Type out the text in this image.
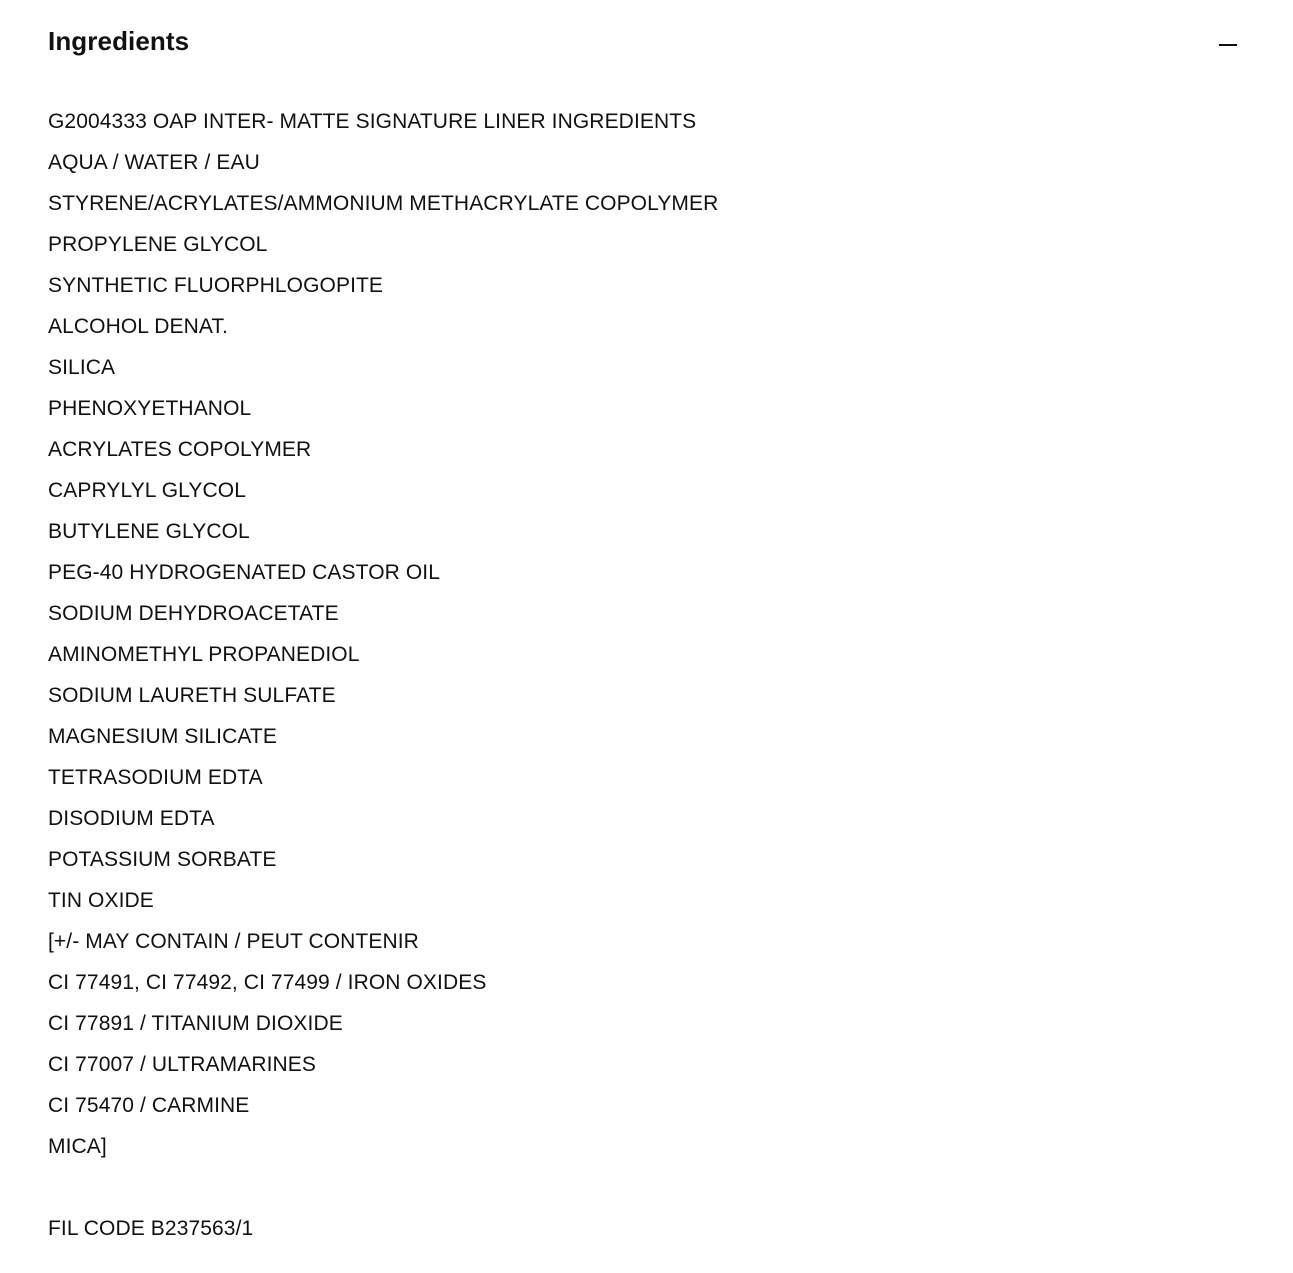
Ingredients
G2004333 OAP INTER- MATTE SIGNATURE LINER INGREDIENTS
AQUA / WATER / EAU
STYRENE/ACRYLATES/AMMONIUM METHACRYLATE COPOLYMER
PROPYLENE GLYCOL
SYNTHETIC FLUORPHLOGOPITE
ALCOHOL DENAT.
SILICA
PHENOXYETHANOL
ACRYLATES COPOLYMER
CAPRYLYL GLYCOL
BUTYLENE GLYCOL
PEG-40 HYDROGENATED CASTOR OIL
SODIUM DEHYDROACETATE
AMINOMETHYL PROPANEDIOL
SODIUM LAURETH SULFATE
MAGNESIUM SILICATE
TETRASODIUM EDTA
DISODIUM EDTA
POTASSIUM SORBATE
TIN OXIDE
[+/- MAY CONTAIN / PEUT CONTENIR
CI 77491, CI 77492, CI 77499 / IRON OXIDES
CI 77891 / TITANIUM DIOXIDE
CI 77007 / ULTRAMARINES
CI 75470 / CARMINE
MICA]

FIL CODE B237563/1
